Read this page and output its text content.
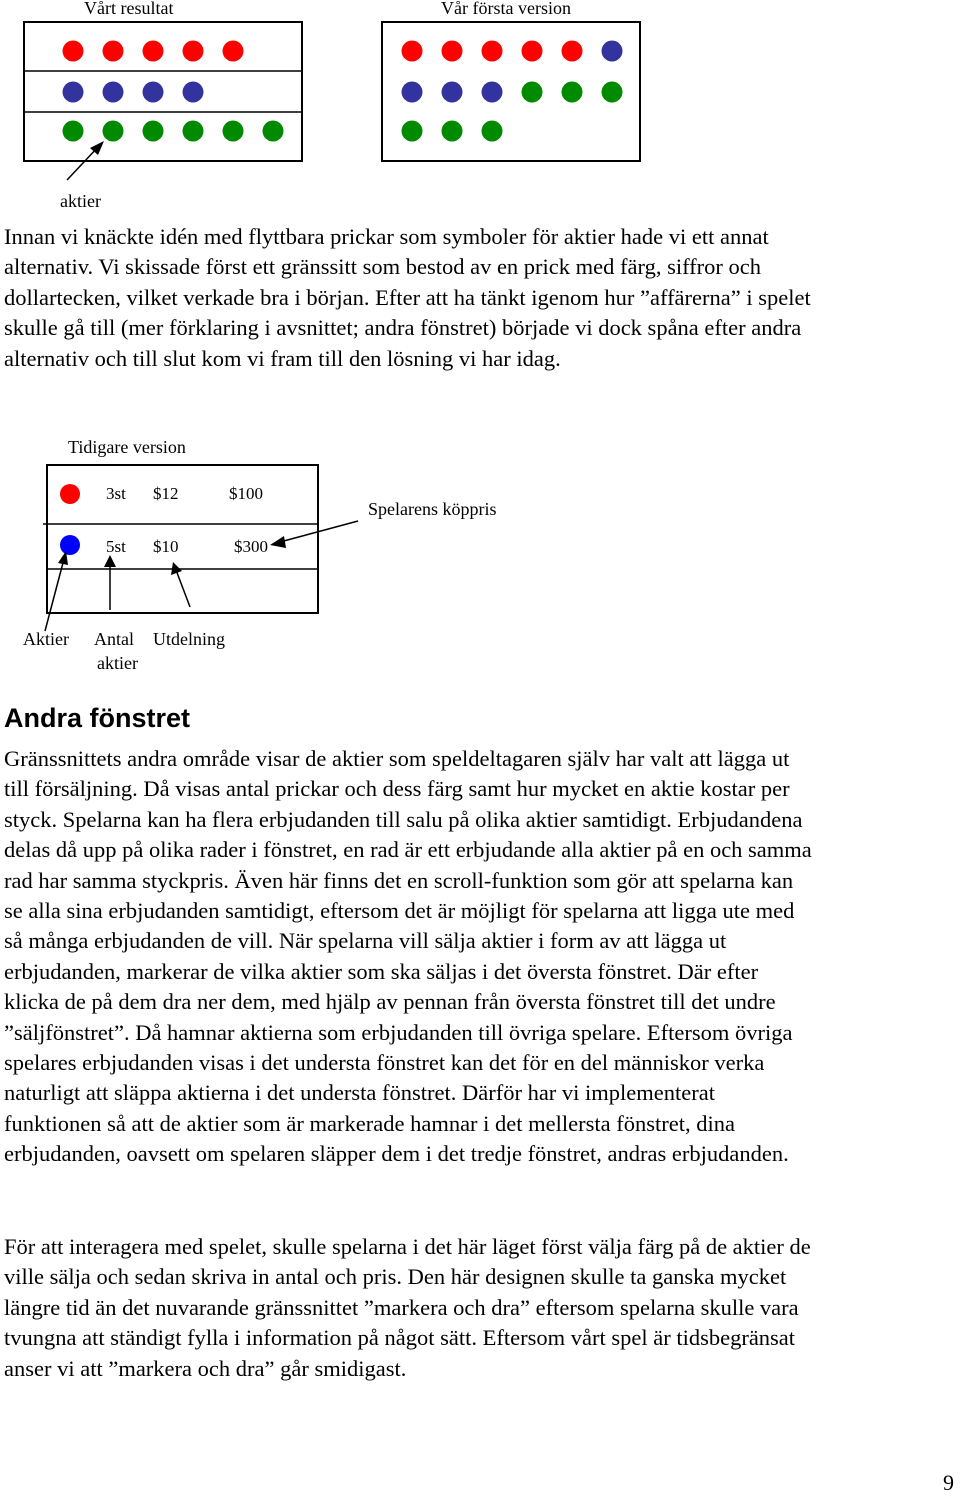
Vårt resultat	Vår första version
aktier
Innan vi knäckte idén med flyttbara prickar som symboler för aktier hade vi ett annat
alternativ. Vi skissade först ett gränssitt som bestod av en prick med färg, siffror och
dollartecken, vilket verkade bra i början. Efter att ha tänkt igenom hur ”affärerna” i spelet
skulle gå till (mer förklaring i avsnittet; andra fönstret) började vi dock spåna efter andra
alternativ och till slut kom vi fram till den lösning vi har idag.
Tidigare version
3st $12	$100
5st $10	$300
Spelarens köppris
Aktier Antal
aktier
Utdelning
Andra fönstret
Gränssnittets andra område visar de aktier som speldeltagaren själv har valt att lägga ut
till försäljning. Då visas antal prickar och dess färg samt hur mycket en aktie kostar per
styck. Spelarna kan ha flera erbjudanden till salu på olika aktier samtidigt. Erbjudandena
delas då upp på olika rader i fönstret, en rad är ett erbjudande alla aktier på en och samma
rad har samma styckpris. Även här finns det en scroll-funktion som gör att spelarna kan
se alla sina erbjudanden samtidigt, eftersom det är möjligt för spelarna att ligga ute med
så många erbjudanden de vill. När spelarna vill sälja aktier i form av att lägga ut
erbjudanden, markerar de vilka aktier som ska säljas i det översta fönstret. Där efter
klicka de på dem dra ner dem, med hjälp av pennan från översta fönstret till det undre
”säljfönstret”. Då hamnar aktierna som erbjudanden till övriga spelare. Eftersom övriga
spelares erbjudanden visas i det understa fönstret kan det för en del människor verka
naturligt att släppa aktierna i det understa fönstret. Därför har vi implementerat
funktionen så att de aktier som är markerade hamnar i det mellersta fönstret, dina
erbjudanden, oavsett om spelaren släpper dem i det tredje fönstret, andras erbjudanden.
För att interagera med spelet, skulle spelarna i det här läget först välja färg på de aktier de
ville sälja och sedan skriva in antal och pris. Den här designen skulle ta ganska mycket
längre tid än det nuvarande gränssnittet ”markera och dra” eftersom spelarna skulle vara
tvungna att ständigt fylla i information på något sätt. Eftersom vårt spel är tidsbegränsat
anser vi att ”markera och dra” går smidigast.
9
